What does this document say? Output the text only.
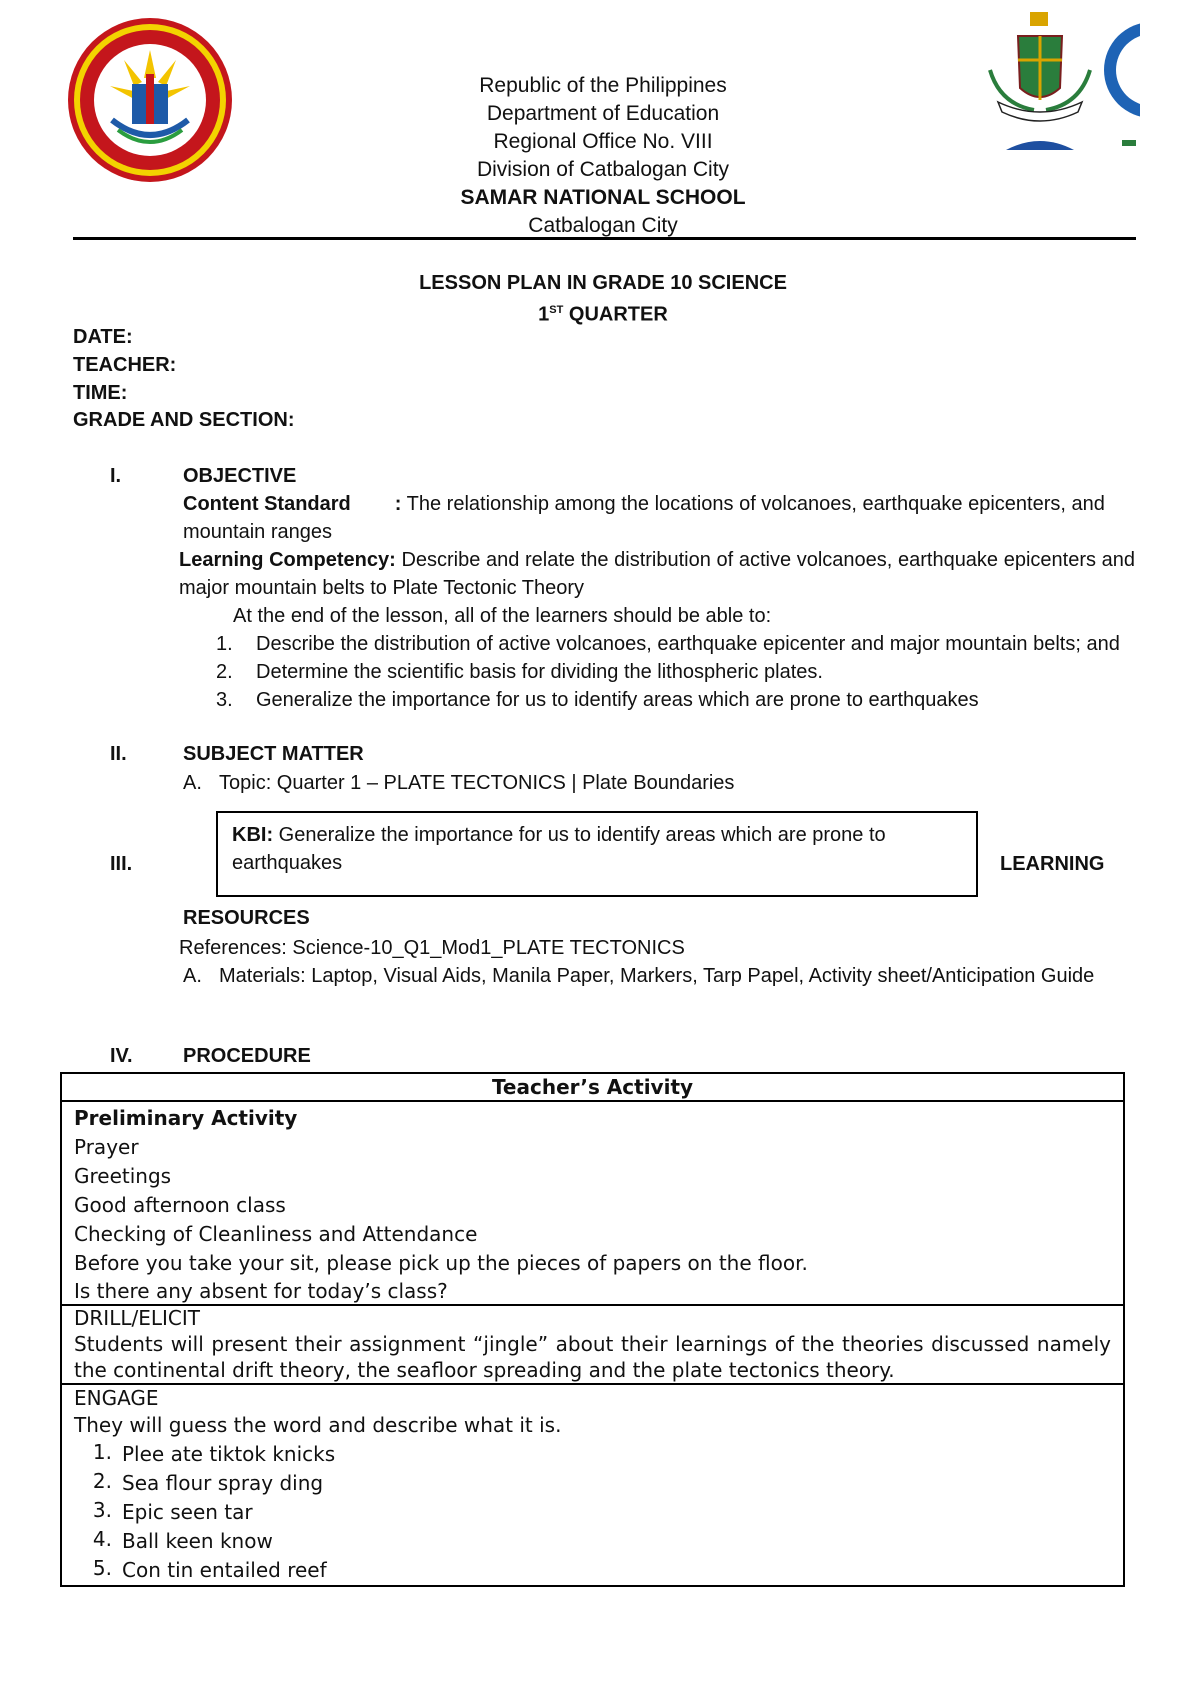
Republic of the Philippines
Department of Education
Regional Office No. VIII
Division of Catbalogan City
SAMAR NATIONAL SCHOOL
Catbalogan City
LESSON PLAN IN GRADE 10 SCIENCE
1ST QUARTER
DATE:
TEACHER:
TIME:
GRADE AND SECTION:
I.	OBJECTIVE
Content Standard : The relationship among the locations of volcanoes, earthquake epicenters, and mountain ranges
Learning Competency: Describe and relate the distribution of active volcanoes, earthquake epicenters and major mountain belts to Plate Tectonic Theory
At the end of the lesson, all of the learners should be able to:
1.	Describe the distribution of active volcanoes, earthquake epicenter and major mountain belts; and
2.	Determine the scientific basis for dividing the lithospheric plates.
3.	Generalize the importance for us to identify areas which are prone to earthquakes
II.	SUBJECT MATTER
A. Topic: Quarter 1 – PLATE TECTONICS | Plate Boundaries
KBI: Generalize the importance for us to identify areas which are prone to earthquakes
III.	LEARNING
RESOURCES
References: Science-10_Q1_Mod1_PLATE TECTONICS
A. Materials: Laptop, Visual Aids, Manila Paper, Markers, Tarp Papel, Activity sheet/Anticipation Guide
IV.	PROCEDURE
Teacher’s Activity

Preliminary Activity

Prayer

Greetings

Good afternoon class

Checking of Cleanliness and Attendance

Before you take your sit, please pick up the pieces of papers on the floor.

Is there any absent for today’s class?

DRILL/ELICIT

Students will present their assignment “jingle” about their learnings of the theories discussed namely the continental drift theory, the seafloor spreading and the plate tectonics theory.

ENGAGE

They will guess the word and describe what it is.

1. Plee ate tiktok knicks

2. Sea flour spray ding

3. Epic seen tar

4. Ball keen know

5. Con tin entailed reef
